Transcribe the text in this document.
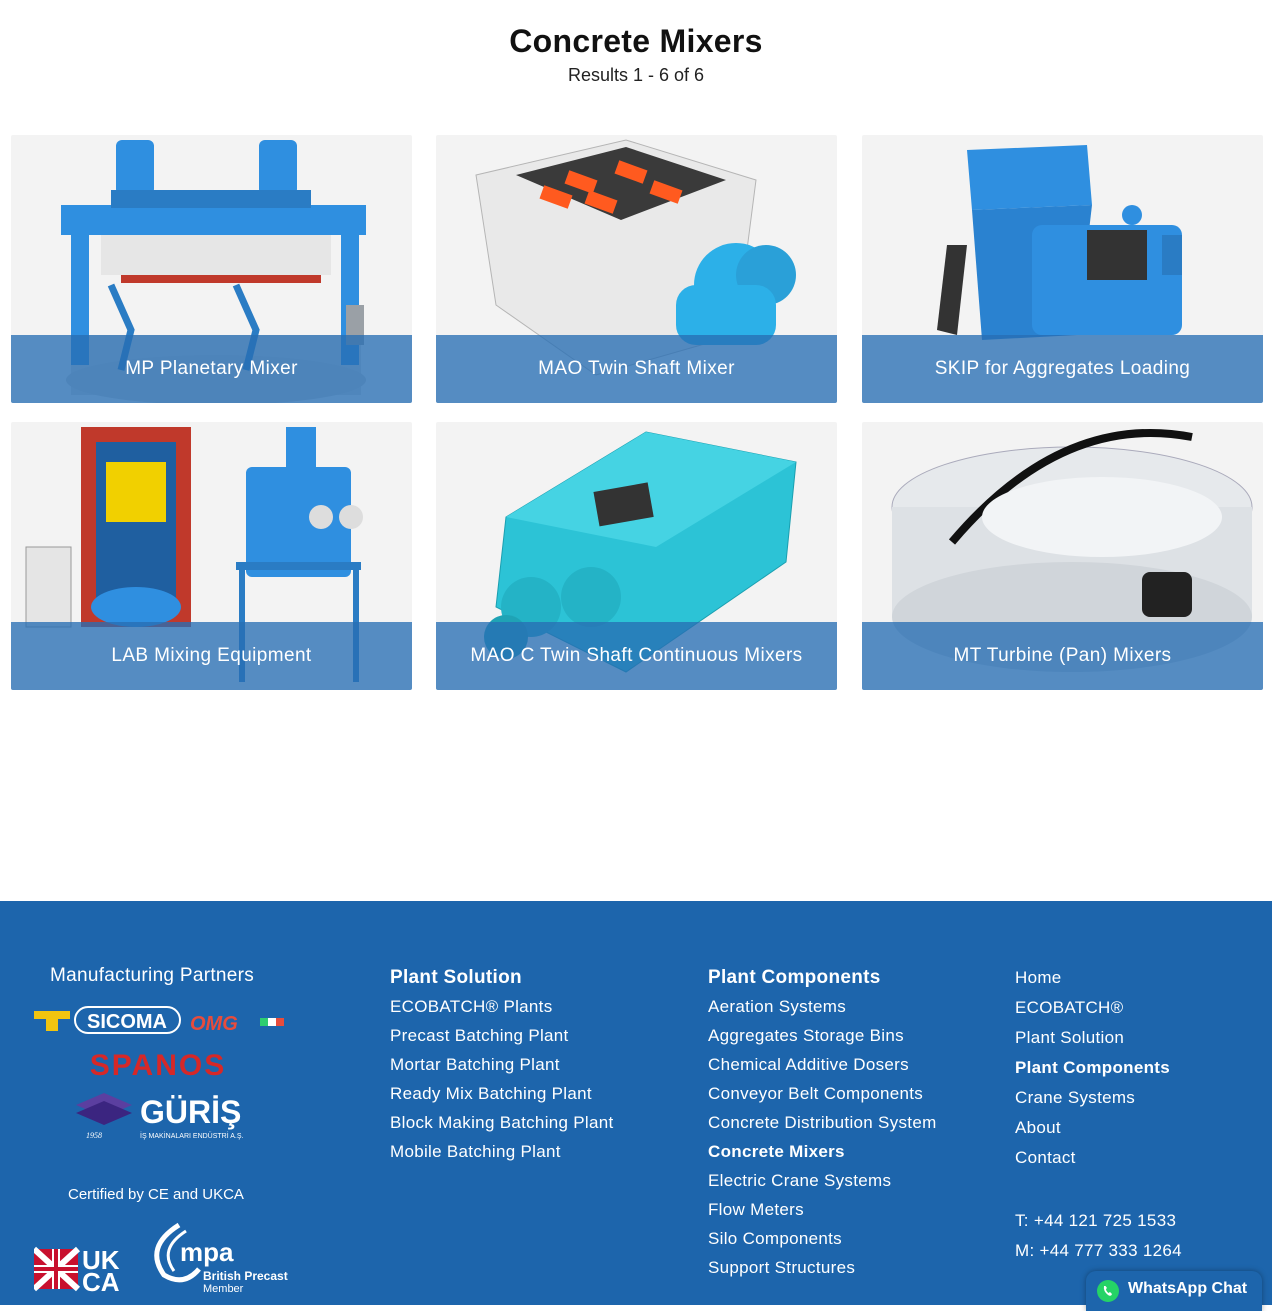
Concrete Mixers
Results 1 - 6 of 6
MP Planetary Mixer	MAO Twin Shaft Mixer	SKIP for Aggregates Loading
LAB Mixing Equipment	MAO C Twin Shaft Continuous Mixers	MT Turbine (Pan) Mixers
Manufacturing Partners
SICOMA OMG
SPANOS
GÜRİŞ
1958	İŞ MAKİNALARI ENDÜSTRİ A.Ş.
Certified by CE and UKCA
UK
CA
mpa
British Precast
Member
Plant Solution
ECOBATCH® Plants
Precast Batching Plant
Mortar Batching Plant
Ready Mix Batching Plant
Block Making Batching Plant
Mobile Batching Plant
Plant Components
Aeration Systems
Aggregates Storage Bins
Chemical Additive Dosers
Conveyor Belt Components
Concrete Distribution System
Concrete Mixers
Electric Crane Systems
Flow Meters
Silo Components
Support Structures
Home
ECOBATCH®
Plant Solution
Plant Components
Crane Systems
About
Contact
T: +44 121 725 1533
M: +44 777 333 1264
WhatsApp Chat
